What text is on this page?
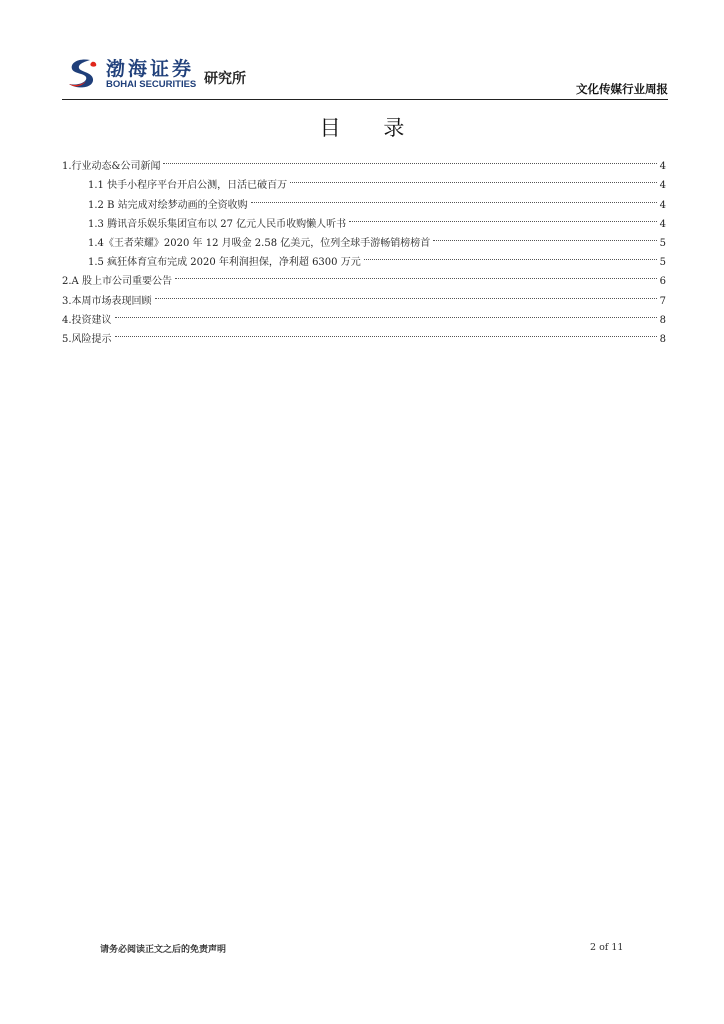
渤海证券
BOHAI SECURITIES 研究所
文化传媒行业周报
目 录
1.行业动态&公司新闻	4
1.1 快手小程序平台开启公测，日活已破百万	4
1.2 B 站完成对绘梦动画的全资收购	4
1.3 腾讯音乐娱乐集团宣布以 27 亿元人民币收购懒人听书	4
1.4《王者荣耀》2020 年 12 月吸金 2.58 亿美元，位列全球手游畅销榜榜首	5
1.5 疯狂体育宣布完成 2020 年利润担保，净利超 6300 万元	5
2.A 股上市公司重要公告	6
3.本周市场表现回顾	7
4.投资建议	8
5.风险提示	8
请务必阅读正文之后的免责声明	2 of 11
